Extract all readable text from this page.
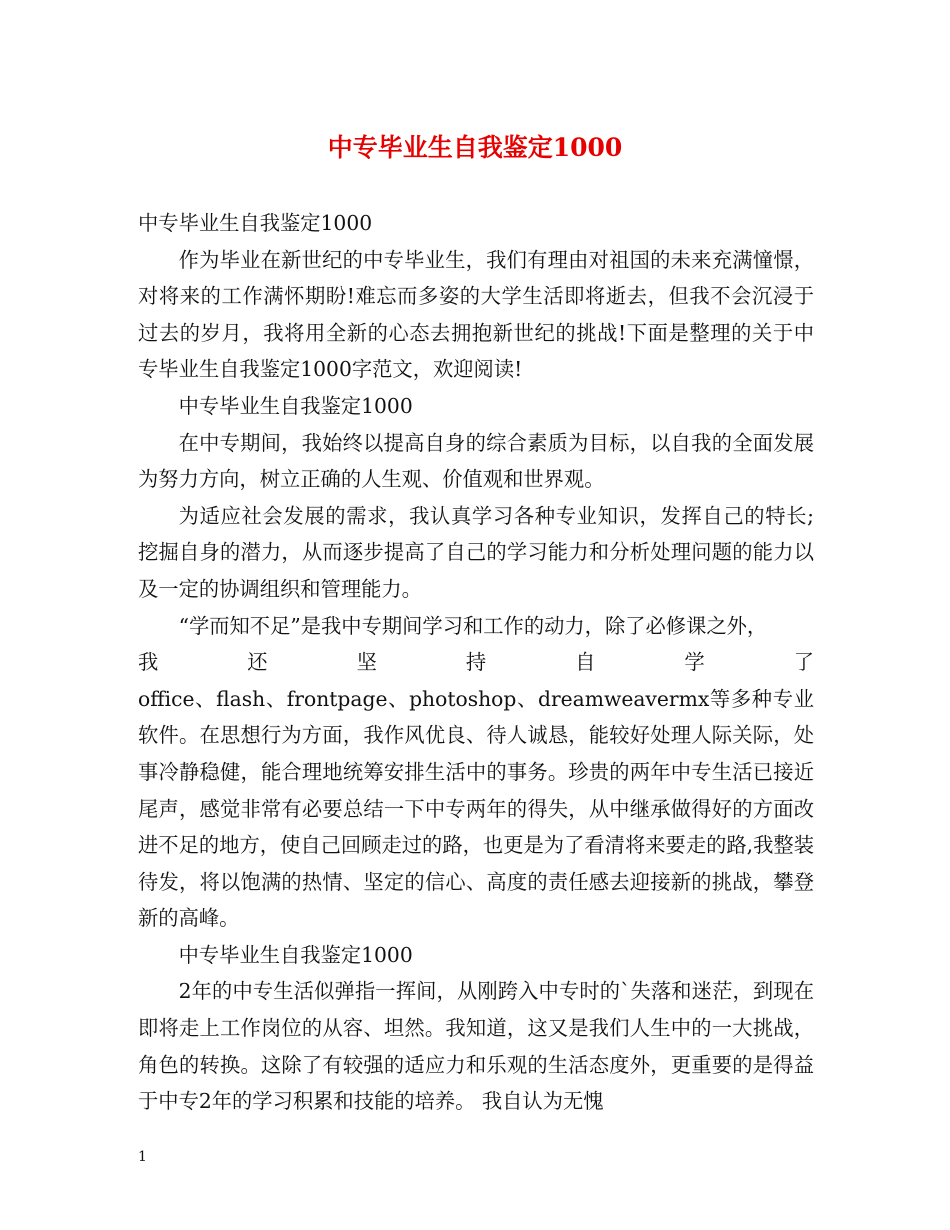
中专毕业生自我鉴定1000

中专毕业生自我鉴定1000

作为毕业在新世纪的中专毕业生，我们有理由对祖国的未来充满憧憬，对将来的工作满怀期盼!难忘而多姿的大学生活即将逝去，但我不会沉浸于过去的岁月，我将用全新的心态去拥抱新世纪的挑战!下面是整理的关于中专毕业生自我鉴定1000字范文，欢迎阅读!

中专毕业生自我鉴定1000

在中专期间，我始终以提高自身的综合素质为目标，以自我的全面发展为努力方向，树立正确的人生观、价值观和世界观。

为适应社会发展的需求，我认真学习各种专业知识，发挥自己的特长;挖掘自身的潜力，从而逐步提高了自己的学习能力和分析处理问题的能力以及一定的协调组织和管理能力。

“学而知不足”是我中专期间学习和工作的动力，除了必修课之外，

我	还	坚	持	自	学	了

office、flash、frontpage、photoshop、dreamweavermx等多种专业软件。在思想行为方面，我作风优良、待人诚恳，能较好处理人际关际，处事冷静稳健，能合理地统筹安排生活中的事务。珍贵的两年中专生活已接近尾声，感觉非常有必要总结一下中专两年的得失，从中继承做得好的方面改进不足的地方，使自己回顾走过的路，也更是为了看清将来要走的路,我整装待发，将以饱满的热情、坚定的信心、高度的责任感去迎接新的挑战，攀登新的高峰。

中专毕业生自我鉴定1000

2年的中专生活似弹指一挥间，从刚跨入中专时的`失落和迷茫，到现在即将走上工作岗位的从容、坦然。我知道，这又是我们人生中的一大挑战，角色的转换。这除了有较强的适应力和乐观的生活态度外，更重要的是得益于中专2年的学习积累和技能的培养。 我自认为无愧

1
